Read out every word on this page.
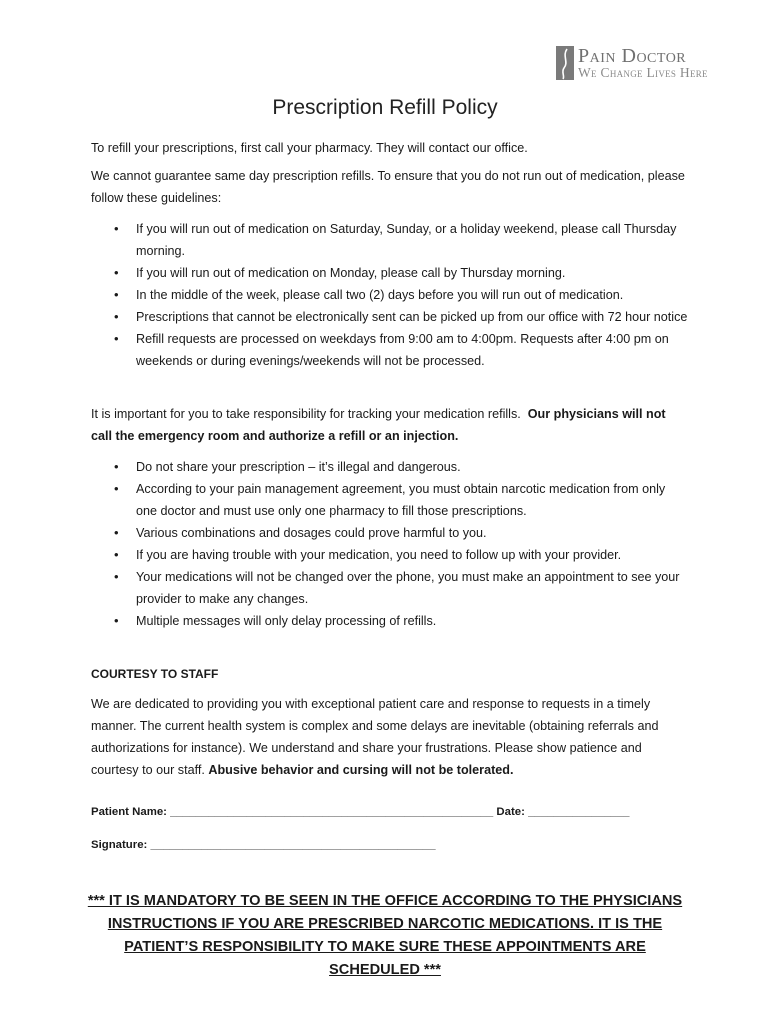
Pain Doctor
We Change Lives Here
Prescription Refill Policy

To refill your prescriptions, first call your pharmacy. They will contact our office.

We cannot guarantee same day prescription refills. To ensure that you do not run out of medication, please follow these guidelines:

• If you will run out of medication on Saturday, Sunday, or a holiday weekend, please call Thursday morning.
• If you will run out of medication on Monday, please call by Thursday morning.
• In the middle of the week, please call two (2) days before you will run out of medication.
• Prescriptions that cannot be electronically sent can be picked up from our office with 72 hour notice
• Refill requests are processed on weekdays from 9:00 am to 4:00pm. Requests after 4:00 pm on weekends or during evenings/weekends will not be processed.

It is important for you to take responsibility for tracking your medication refills. Our physicians will not call the emergency room and authorize a refill or an injection.

• Do not share your prescription – it’s illegal and dangerous.
• According to your pain management agreement, you must obtain narcotic medication from only one doctor and must use only one pharmacy to fill those prescriptions.
• Various combinations and dosages could prove harmful to you.
• If you are having trouble with your medication, you need to follow up with your provider.
• Your medications will not be changed over the phone, you must make an appointment to see your provider to make any changes.
• Multiple messages will only delay processing of refills.
COURTESY TO STAFF

We are dedicated to providing you with exceptional patient care and response to requests in a timely manner. The current health system is complex and some delays are inevitable (obtaining referrals and authorizations for instance). We understand and share your frustrations. Please show patience and courtesy to our staff. Abusive behavior and cursing will not be tolerated.

Patient Name: ___________________________________________________ Date: ________________
Signature: _____________________________________________
*** IT IS MANDATORY TO BE SEEN IN THE OFFICE ACCORDING TO THE PHYSICIANS INSTRUCTIONS IF YOU ARE PRESCRIBED NARCOTIC MEDICATIONS. IT IS THE PATIENT’S RESPONSIBILITY TO MAKE SURE THESE APPOINTMENTS ARE SCHEDULED ***
